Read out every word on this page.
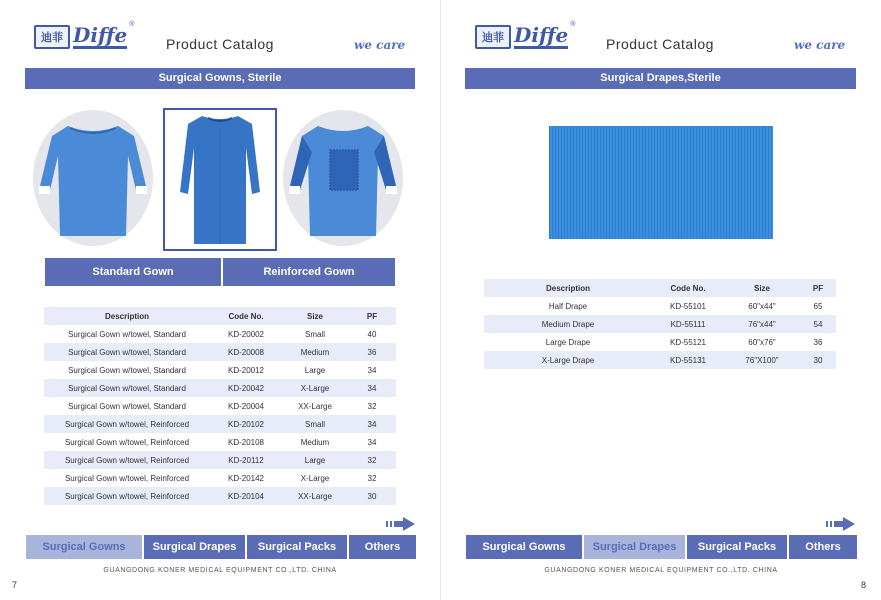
迪菲 Diffe ®
Product Catalog	we care
Surgical Gowns, Sterile
Standard Gown	Reinforced Gown
Description	Code No.	Size	PF
Surgical Gown w/towel, Standard	KD-20002	Small	40
Surgical Gown w/towel, Standard	KD-20008	Medium	36
Surgical Gown w/towel, Standard	KD-20012	Large	34
Surgical Gown w/towel, Standard	KD-20042	X-Large	34
Surgical Gown w/towel, Standard	KD-20004	XX-Large	32
Surgical Gown w/towel, Reinforced	KD-20102	Small	34
Surgical Gown w/towel, Reinforced	KD-20108	Medium	34
Surgical Gown w/towel, Reinforced	KD-20112	Large	32
Surgical Gown w/towel, Reinforced	KD-20142	X-Large	32
Surgical Gown w/towel, Reinforced	KD-20104	XX-Large	30
Surgical Gowns	Surgical Drapes	Surgical Packs	Others
GUANGDONG KONER MEDICAL EQUIPMENT CO.,LTD. CHINA
7
迪菲 Diffe ®
Product Catalog	we care
Surgical Drapes,Sterile
Description	Code No.	Size	PF
Half Drape	KD-55101	60"x44"	65
Medium Drape	KD-55111	76"x44"	54
Large Drape	KD-55121	60"x76"	36
X-Large Drape	KD-55131	76"X100"	30
Surgical Gowns	Surgical Drapes	Surgical Packs	Others
GUANGDONG KONER MEDICAL EQUIPMENT CO.,LTD. CHINA
8
